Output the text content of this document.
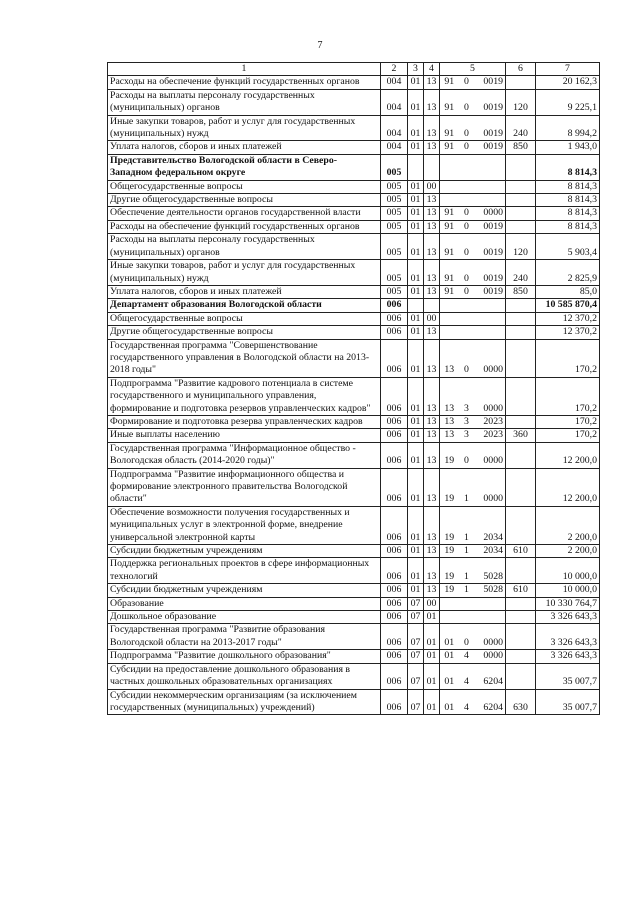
7
1	2	3	4	5			6	7
Расходы на обеспечение функций государственных органов	004	01	13	91	0	0019		20 162,3
Расходы на выплаты персоналу государственных (муниципальных) органов	004	01	13	91	0	0019	120	9 225,1
Иные закупки товаров, работ и услуг для государственных (муниципальных) нужд	004	01	13	91	0	0019	240	8 994,2
Уплата налогов, сборов и иных платежей	004	01	13	91	0	0019	850	1 943,0
Представительство Вологодской области в Северо-Западном федеральном округе	005							8 814,3
Общегосударственные вопросы	005	01	00					8 814,3
Другие общегосударственные вопросы	005	01	13					8 814,3
Обеспечение деятельности органов государственной власти	005	01	13	91	0	0000		8 814,3
Расходы на обеспечение функций государственных органов	005	01	13	91	0	0019		8 814,3
Расходы на выплаты персоналу государственных (муниципальных) органов	005	01	13	91	0	0019	120	5 903,4
Иные закупки товаров, работ и услуг для государственных (муниципальных) нужд	005	01	13	91	0	0019	240	2 825,9
Уплата налогов, сборов и иных платежей	005	01	13	91	0	0019	850	85,0
Департамент образования Вологодской области	006							10 585 870,4
Общегосударственные вопросы	006	01	00					12 370,2
Другие общегосударственные вопросы	006	01	13					12 370,2
Государственная программа "Совершенствование государственного управления в Вологодской области на 2013-2018 годы"	006	01	13	13	0	0000		170,2
Подпрограмма "Развитие кадрового потенциала в системе государственного и муниципального управления, формирование и подготовка резервов управленческих кадров"	006	01	13	13	3	0000		170,2
Формирование и подготовка резерва управленческих кадров	006	01	13	13	3	2023		170,2
Иные выплаты населению	006	01	13	13	3	2023	360	170,2
Государственная программа "Информационное общество - Вологодская область (2014-2020 годы)"	006	01	13	19	0	0000		12 200,0
Подпрограмма "Развитие информационного общества и формирование электронного правительства Вологодской области"	006	01	13	19	1	0000		12 200,0
Обеспечение возможности получения государственных и муниципальных услуг в электронной форме, внедрение универсальной электронной карты	006	01	13	19	1	2034		2 200,0
Субсидии бюджетным учреждениям	006	01	13	19	1	2034	610	2 200,0
Поддержка региональных проектов в сфере информационных технологий	006	01	13	19	1	5028		10 000,0
Субсидии бюджетным учреждениям	006	01	13	19	1	5028	610	10 000,0
Образование	006	07	00					10 330 764,7
Дошкольное образование	006	07	01					3 326 643,3
Государственная программа "Развитие образования Вологодской области на 2013-2017 годы"	006	07	01	01	0	0000		3 326 643,3
Подпрограмма "Развитие дошкольного образования"	006	07	01	01	4	0000		3 326 643,3
Субсидии на предоставление дошкольного образования в частных дошкольных образовательных организациях	006	07	01	01	4	6204		35 007,7
Субсидии некоммерческим организациям (за исключением государственных (муниципальных) учреждений)	006	07	01	01	4	6204	630	35 007,7
